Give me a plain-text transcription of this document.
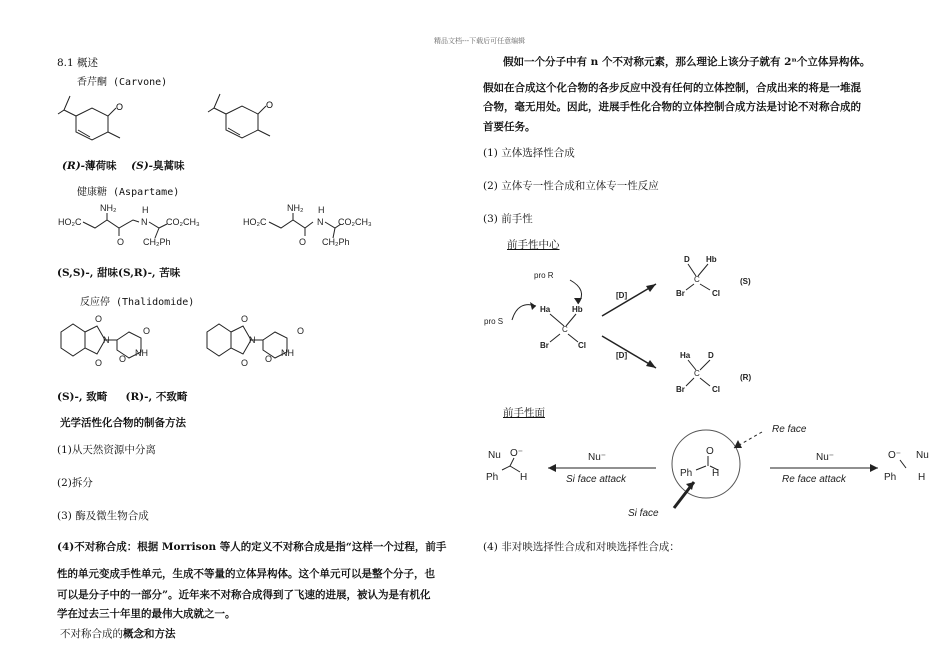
精品文档---下载后可任意编辑
8.1 概述
香芹酮 (Carvone)
O	O
(R)-薄荷味 (S)-臭蒿味
健康糖 (Aspartame)
HO₂C
NH₂	H
N CO₂CH₃
O CH₂Ph
HO₂C
NH₂ H
N CO₂CH₃
O CH₂Ph
(S,S)-, 甜味(S,R)-, 苦味
反应停 (Thalidomide)
O
O
N
NH
O
O
O
O
N
NH
O
O
(S)-, 致畸 (R)-, 不致畸
光学活性化合物的制备方法
(1)从天然资源中分离
(2)拆分
(3) 酶及微生物合成
(4)不对称合成：根据 Morrison 等人的定义不对称合成是指“这样一个过程，前手
性的单元变成手性单元，生成不等量的立体异构体。这个单元可以是整个分子，也
可以是分子中的一部分”。近年来不对称合成得到了飞速的进展，被认为是有机化
学在过去三十年里的最伟大成就之一。
不对称合成的概念和方法
假如一个分子中有 n 个不对称元素，那么理论上该分子就有 2ⁿ个立体异构体。
假如在合成这个化合物的各步反应中没有任何的立体控制，合成出来的将是一堆混
合物，毫无用处。因此，进展手性化合物的立体控制合成方法是讨论不对称合成的
首要任务。
(1) 立体选择性合成
(2) 立体专一性合成和立体专一性反应
(3) 前手性
前手性中心
pro R
pro S
Ha	Hb
C
Br	Cl
[D]
[D]
D Hb
C
Br	Cl
(S)
Ha D
C
Br	Cl
(R)
前手性面
Re face
Si face
Nu⁻
Si face attack
Nu⁻
Re face attack
O
Ph H
Nu O⁻
Ph H
O⁻ Nu
Ph H
(4) 非对映选择性合成和对映选择性合成：
